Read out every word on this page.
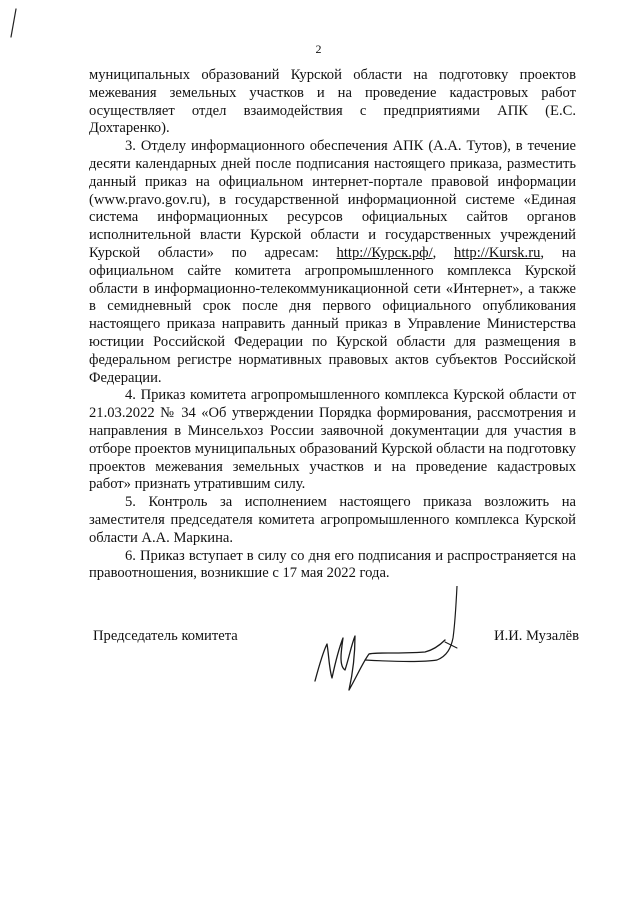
2

муниципальных образований Курской области на подготовку проектов межевания земельных участков и на проведение кадастровых работ осуществляет отдел взаимодействия с предприятиями АПК (Е.С. Дохтаренко).

3. Отделу информационного обеспечения АПК (А.А. Тутов), в течение десяти календарных дней после подписания настоящего приказа, разместить данный приказ на официальном интернет-портале правовой информации (www.pravo.gov.ru), в государственной информационной системе «Единая система информационных ресурсов официальных сайтов органов исполнительной власти Курской области и государственных учреждений Курской области» по адресам: http://Курск.рф/, http://Kursk.ru, на официальном сайте комитета агропромышленного комплекса Курской области в информационно-телекоммуникационной сети «Интернет», а также в семидневный срок после дня первого официального опубликования настоящего приказа направить данный приказ в Управление Министерства юстиции Российской Федерации по Курской области для размещения в федеральном регистре нормативных правовых актов субъектов Российской Федерации.

4. Приказ комитета агропромышленного комплекса Курской области от 21.03.2022 № 34 «Об утверждении Порядка формирования, рассмотрения и направления в Минсельхоз России заявочной документации для участия в отборе проектов муниципальных образований Курской области на подготовку проектов межевания земельных участков и на проведение кадастровых работ» признать утратившим силу.

5. Контроль за исполнением настоящего приказа возложить на заместителя председателя комитета агропромышленного комплекса Курской области А.А. Маркина.

6. Приказ вступает в силу со дня его подписания и распространяется на правоотношения, возникшие с 17 мая 2022 года.

Председатель комитета	И.И. Музалёв
